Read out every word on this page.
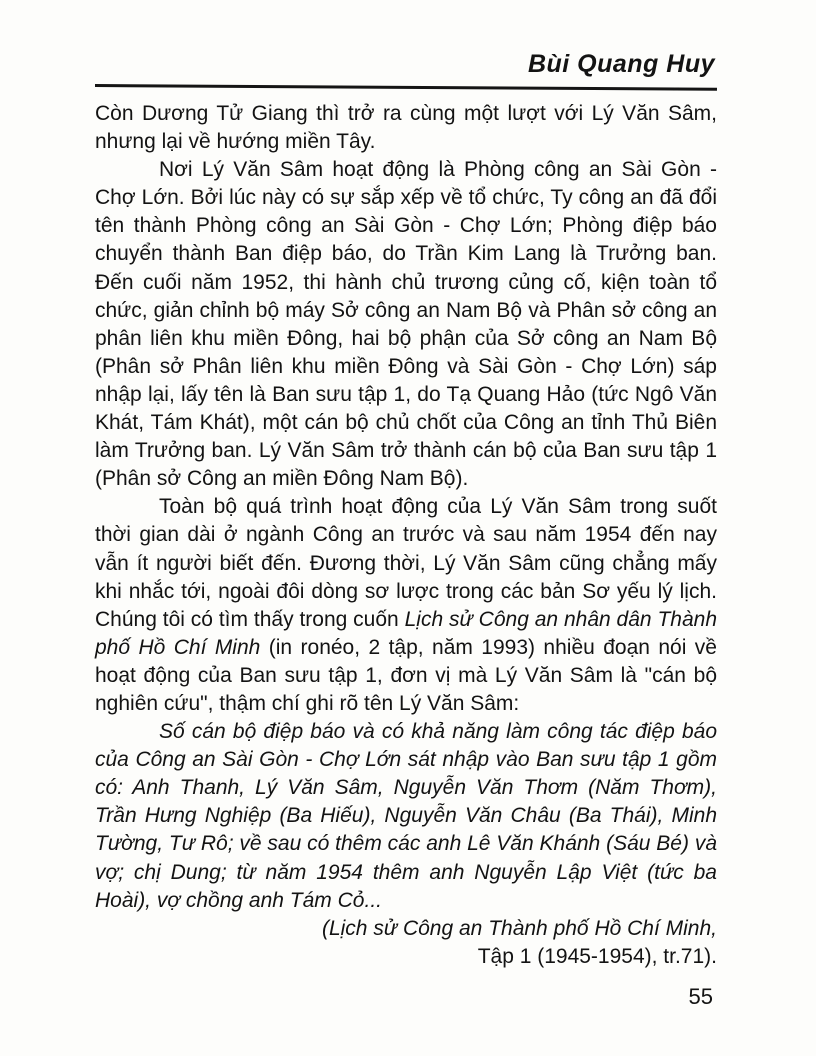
Bùi Quang Huy

Còn Dương Tử Giang thì trở ra cùng một lượt với Lý Văn Sâm, nhưng lại về hướng miền Tây.

Nơi Lý Văn Sâm hoạt động là Phòng công an Sài Gòn - Chợ Lớn. Bởi lúc này có sự sắp xếp về tổ chức, Ty công an đã đổi tên thành Phòng công an Sài Gòn - Chợ Lớn; Phòng điệp báo chuyển thành Ban điệp báo, do Trần Kim Lang là Trưởng ban. Đến cuối năm 1952, thi hành chủ trương củng cố, kiện toàn tổ chức, giản chỉnh bộ máy Sở công an Nam Bộ và Phân sở công an phân liên khu miền Đông, hai bộ phận của Sở công an Nam Bộ (Phân sở Phân liên khu miền Đông và Sài Gòn - Chợ Lớn) sáp nhập lại, lấy tên là Ban sưu tập 1, do Tạ Quang Hảo (tức Ngô Văn Khát, Tám Khát), một cán bộ chủ chốt của Công an tỉnh Thủ Biên làm Trưởng ban. Lý Văn Sâm trở thành cán bộ của Ban sưu tập 1 (Phân sở Công an miền Đông Nam Bộ).

Toàn bộ quá trình hoạt động của Lý Văn Sâm trong suốt thời gian dài ở ngành Công an trước và sau năm 1954 đến nay vẫn ít người biết đến. Đương thời, Lý Văn Sâm cũng chẳng mấy khi nhắc tới, ngoài đôi dòng sơ lược trong các bản Sơ yếu lý lịch. Chúng tôi có tìm thấy trong cuốn Lịch sử Công an nhân dân Thành phố Hồ Chí Minh (in ronéo, 2 tập, năm 1993) nhiều đoạn nói về hoạt động của Ban sưu tập 1, đơn vị mà Lý Văn Sâm là "cán bộ nghiên cứu", thậm chí ghi rõ tên Lý Văn Sâm:

Số cán bộ điệp báo và có khả năng làm công tác điệp báo của Công an Sài Gòn - Chợ Lớn sát nhập vào Ban sưu tập 1 gồm có: Anh Thanh, Lý Văn Sâm, Nguyễn Văn Thơm (Năm Thơm), Trần Hưng Nghiệp (Ba Hiếu), Nguyễn Văn Châu (Ba Thái), Minh Tường, Tư Rô; về sau có thêm các anh Lê Văn Khánh (Sáu Bé) và vợ; chị Dung; từ năm 1954 thêm anh Nguyễn Lập Việt (tức ba Hoài), vợ chồng anh Tám Cỏ...

(Lịch sử Công an Thành phố Hồ Chí Minh,
Tập 1 (1945-1954), tr.71).
55
